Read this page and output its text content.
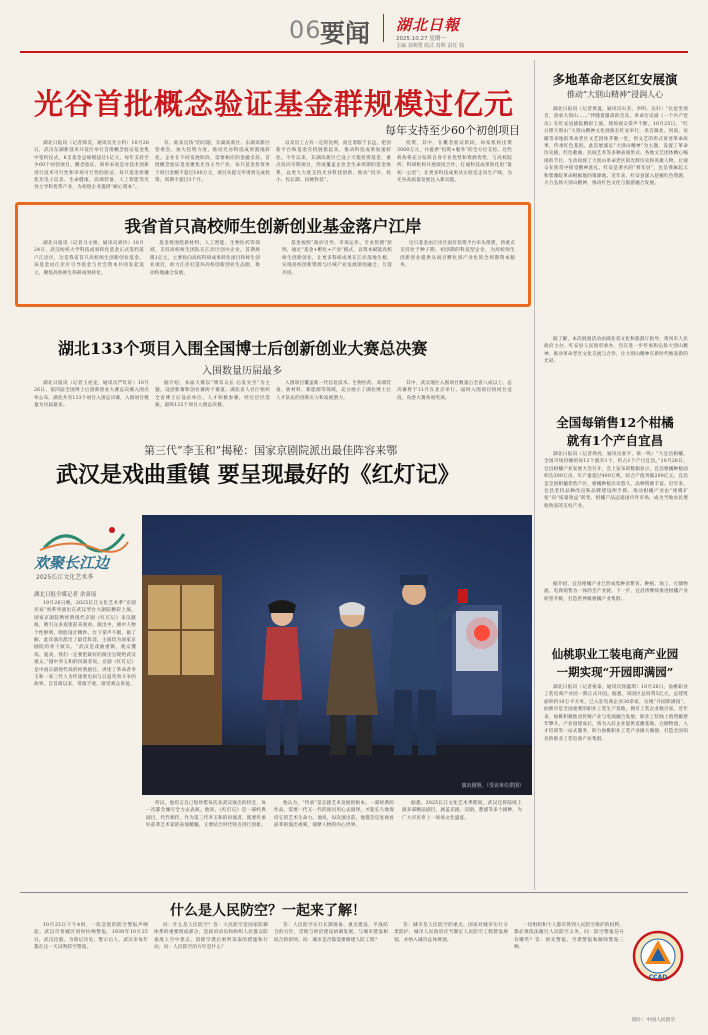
06
要闻 湖北日報
2025.10.27 星期一
主编 刘利勇 助式 封晖 责任 钱
光谷首批概念验证基金群规模过亿元
每年支持至少60个初创项目

湖北日报讯（记者韩美，通讯员光小科）10月26日，武汉东湖新技术开发区举行首批概念验证基金集中签约仪式，8支基金总规模超过1亿元，每年支持至少60个初创项目。概念验证，简单来说是对技术创新进行技术可行性和市场可行性的验证。每只基金将聚焦光电子信息、生命健康、高端装备、人工智能等光谷主导和优势产业，为初创企业提供“耐心资本”。

有、谁来出钱”的问题，东湖高新区、东湖高新区管委会、加大投资力度，推动光谷科技成果就地转化。企业在不同发展阶段，需要相应的金融支持。首批概念验证基金聚焦光谷主导产业，每只基金投资单个项目金额不超过100万元，项目从提交申请到完成投资，周期不超过3个月。

以及员工占有一定的比例，而且着眼于长远，把创新平台和基金有机链接起来，推动科技成果加速转化。今年以来，东湖高新区已设立天使投资基金，重点投向早期项目，形成覆盖企业全生命周期的基金体系，以更大力度支持光谷科技创新，推动“投早、投小、投长期、投硬科技”。

投资，其中，在概念验证阶段，每家机构出资3000万元，并提供“投资+服务”的全方位支持。这些机构将充分发挥自身专业优势和资源优势，与高校院所、科研机构开展深度合作，打通科技成果转化的“最初一公里”，让更多科技成果从实验室走向生产线，为光谷高质量发展注入新动能。

我省首只高校师生创新创业基金落户江岸

湖北日报讯（记者马文俊，通讯员胡玲）10月24日，武汉纺织大学科技成果转化基金正式签约落户江岸区，这是我省首只高校师生创新创业基金。该基金由江岸区引导基金与社会资本共同发起设立，聚焦高校师生科研成果转化。

基金将围绕新材料、人工智能、生物医药等领域，支持高校师生团队在江岸区创办企业，首期规模1亿元，主要投向高校科研成果转化项目和师生创业项目，助力江岸打造环高校创新创业生态圈，推动校地融合发展。

基金按照“政府引导、市场运作、专业管理”原则，通过“基金+孵化+产业”模式，以资本赋能高校师生创新创业，让更多科研成果在江岸落地生根，实现高校创新资源与区域产业发展深度融合、互促共进。

这只基金由江岸区国有投资平台牵头组建，将重点支持处于种子期、初创期的科技型企业，为高校师生创新创业提供从项目孵化到产业化的全周期资本服务。

湖北133个项目入围全国博士后创新创业大赛总决赛
入围数量历届最多

湖北日报讯（记者王祀龙，通讯员严红轩）10月26日，第四届全国博士后创新创业大赛总决赛入围名单公布，湖北共有133个项目入围总决赛，入围项目数量为历届最多。

据介绍，本届大赛以“博采众长·后发先至”为主题，设创新赛和创业赛两个赛道。湖北省人社厅组织全省博士后设站单位、人才积极参赛，经过层层选拔，最终133个项目入围总决赛。

入围项目覆盖新一代信息技术、生物医药、高端装备、新材料、新能源等领域，充分展示了湖北博士后人才队伍的创新实力和发展潜力。

其中，武汉地区入围项目数量占全省八成以上。总决赛将于11月在北京举行，届时入围项目将同台竞技，角逐大赛各项奖项。

第三代“李玉和”揭秘：国家京剧院派出最佳阵容来鄂
武汉是戏曲重镇 要呈现最好的《红灯记》
欢聚长江边
2025长江文化艺术季
湖北日报全媒记者 余童瑶
演出剧照。（受访单位供图）

10月26日晚，2025长江文化艺术季“京剧名家”周系列演出在武汉琴台大剧院精彩上演。国家京剧院携经典现代京剧《红灯记》来汉献演，吸引众多戏迷前来观看。演出中，剧中人物个性鲜明，唱腔设计精妙，台下掌声不断。据了解，此次演出派出了最佳阵容，主演均为国家京剧院的骨干演员。“武汉是戏曲重镇，观众懂戏、爱戏，我们一定要把最好的演出呈现给武汉观众。”剧中李玉和的扮演者说。京剧《红灯记》是中国京剧现代戏的经典剧目，讲述了革命者李玉和一家三代人为传递密电码与日寇英勇斗争的故事。自首演以来，常演不衰，深受观众喜爱。

所以，他坦言自己很珍惜每次来武汉演出的机会，每一次都会倾尽全力去表演。他说，《红灯记》是一部经典剧目，代代相传，作为第三代李玉和的扮演者，既要传承好前辈艺术家的表演精髓，又要结合时代特点进行创新。

他认为，“传承”是京剧艺术发展的根本。一部经典的作品，需要一代又一代的演员用心去演绎，才能长久地保持它的艺术生命力。他说，每次演出前，他都会反复观看前辈的演出视频，揣摩人物的内心世界。

据悉，2025长江文化艺术季期间，武汉还将陆续上演多部精品剧目，涵盖京剧、汉剧、楚剧等多个剧种，为广大市民奉上一场场文化盛宴。

多地革命老区红安展演
推动“大别山精神”浸润人心

湖北日报讯（记者黄曼，通讯员石杰、李明、吴轩）“长征坐观音，唐承大别山……”伴随着激昂的音乐，革命历史剧《一个共产党员》在红安县剧院精彩上演，现场观众掌声不断。10月25日，“红日照大别山”大别山精神文化展演在红安举行，来自湖北、河南、安徽等多地的革命老区文艺团体齐聚一堂，用文艺的形式讲述革命故事，传承红色基因。此次展演以“大别山精神”为主题，设置了革命历史剧、红色歌曲、民间艺术等多种表演形式。各地文艺团体精心编排的节目，生动再现了大别山革命老区的光辉历史和英雄人物，让观众在欣赏中接受精神洗礼。红安是著名的“将军县”，也是黄麻起义和鄂豫皖革命根据地的策源地。近年来，红安县深入挖掘红色资源，大力弘扬大别山精神，推动红色文化与旅游融合发展。

据了解，本次展演活动由湖北省文化和旅游厅指导，黄冈市人民政府主办，红安县人民政府承办，旨在进一步传承和弘扬大别山精神，推动革命老区文化交流与合作，让大别山精神在新时代焕发新的光彩。

全国每销售12个柑橘
就有1个产自宜昌

湖北日报讯（记者周亮，通讯员张平、梁一鸣）“大宜昌柑橘，全国市场份额的每12个就有1个，约占1个产目宜昌。”10月26日，宜昌柑橘产业发展大会召开，会上发布的数据显示，宜昌柑橘种植面积达300万亩，年产量超过400万吨，综合产值突破200亿元。宜昌是全国柑橘优势产区，柑橘种植历史悠久，品种资源丰富。近年来，宜昌坚持品种改良和品牌建设两手抓，推动柑橘产业由“规模扩张”向“质量效益”转变，柑橘产品远销国内外市场，成为当地农民增收致富的支柱产业。

据介绍，宜昌柑橘产业已形成集种苗繁育、种植、加工、仓储物流、电商销售为一体的全产业链。下一步，宜昌将继续推进柑橘产业转型升级，打造世界级柑橘产业集群。

仙桃职业工装电商产业园
一期实现“开园即满园”

湖北日报讯（记者祝泰，通讯员汤蕴琪）10月26日，仙桃职业工装电商产业园一期正式开园。据悉，该园区总投资5亿元，总建筑面积约10万平方米，已入驻电商企业30余家，实现“开园即满园”。仙桃市是全国重要的职业工装生产基地，拥有工装企业数百家。近年来，仙桃积极推动传统产业与电商融合发展，职业工装线上销售额逐年攀升。产业园建成后，将为入驻企业提供直播基地、仓储物流、人才培训等一站式服务，助力仙桃职业工装产业做大做强，打造全国知名的职业工装电商产业集群。

什么是人民防空？一起来了解！

10月25日下午4时，一阵急促的防空警报声响起，武汉市各城区同时拉响警报。1938年10月25日，武汉沦陷。为铭记历史，警示后人，武汉市每年都在这一天试鸣防空警报。

问：什么是人民防空？答：人民防空是国家防御体系的重要组成部分，是政府动员和组织人民群众防备敌人空中袭击、消除空袭后果所采取的措施和行动。问：人民防空的方针是什么？

答：人民防空实行长期准备、重点建设、平战结合的方针，贯彻与经济建设协调发展、与城市建设相结合的原则。问：城市是否都需要修建人防工程？

答：城市是人民防空的重点。国家对城市实行分类防护，城市人民政府应当制定人民防空工程建设规划，并纳入城市总体规划。

一切组织和个人都有得到人民防空保护的权利，都必须依法履行人民防空义务。问：防空警报信号有哪些？答：预先警报、空袭警报和解除警报三种。

CCAD
图片：中国人民防空
